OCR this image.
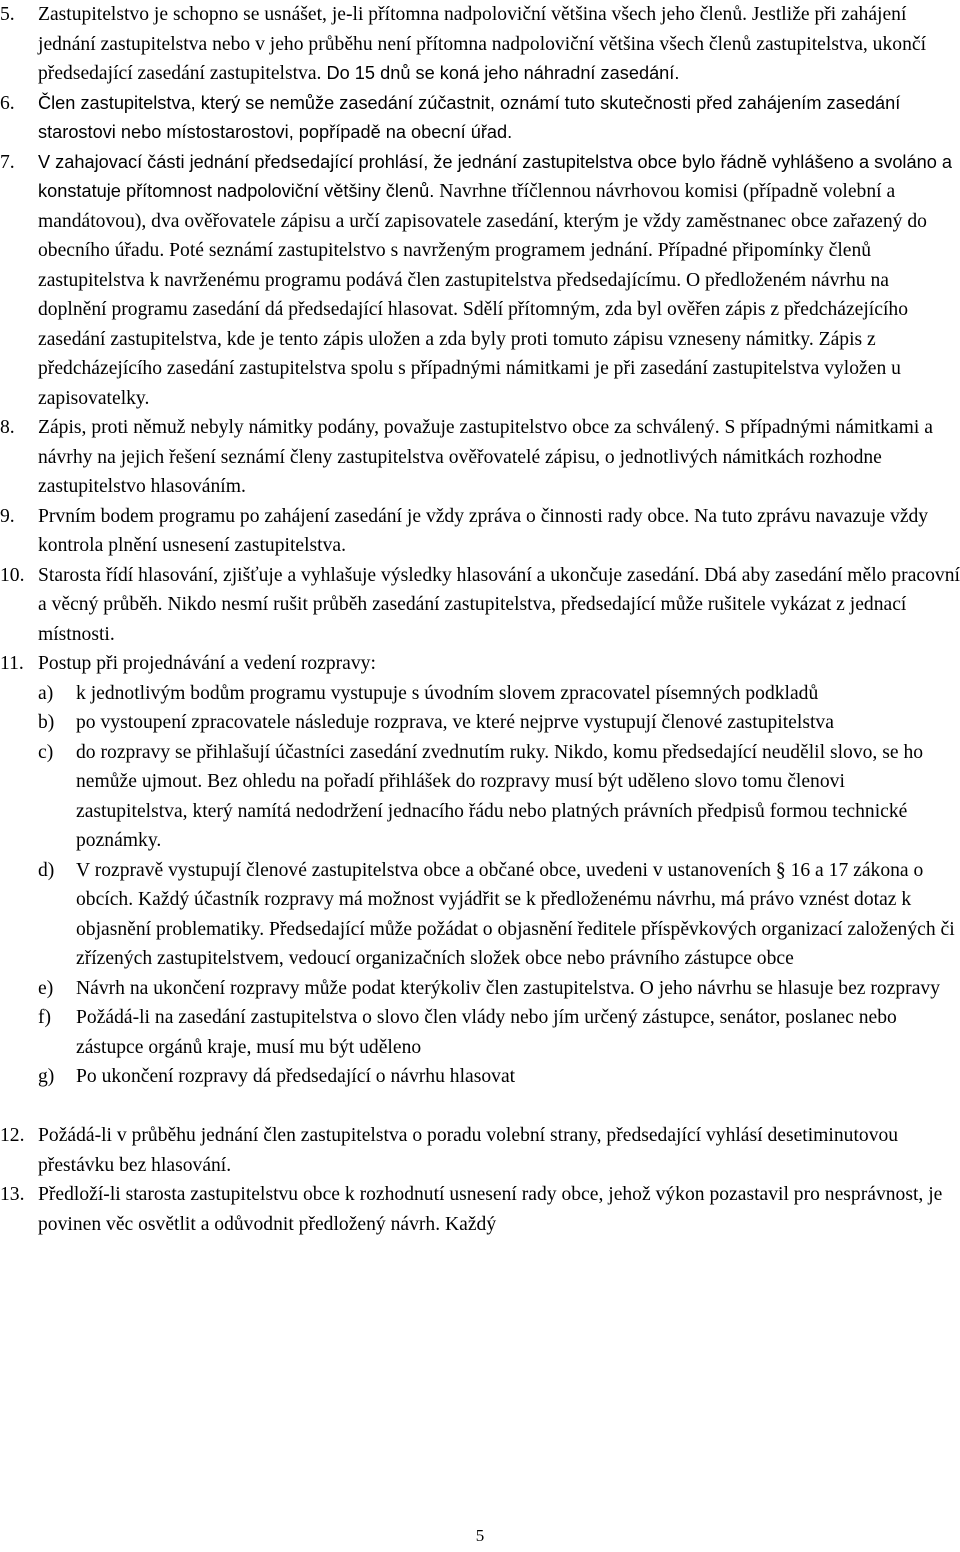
5. Zastupitelstvo je schopno se usnášet, je-li přítomna nadpoloviční většina všech jeho členů. Jestliže při zahájení jednání zastupitelstva nebo v jeho průběhu není přítomna nadpoloviční většina všech členů zastupitelstva, ukončí předsedající zasedání zastupitelstva. Do 15 dnů se koná jeho náhradní zasedání.
6. Člen zastupitelstva, který se nemůže zasedání zúčastnit, oznámí tuto skutečnosti před zahájením zasedání starostovi nebo místostarostovi, popřípadě na obecní úřad.
7. V zahajovací části jednání předsedající prohlásí, že jednání zastupitelstva obce bylo řádně vyhlášeno a svoláno a konstatuje přítomnost nadpoloviční většiny členů. Navrhne tříčlennou návrhovou komisi (případně volební a mandátovou), dva ověřovatele zápisu a určí zapisovatele zasedání, kterým je vždy zaměstnanec obce zařazený do obecního úřadu. Poté seznámí zastupitelstvo s navrženým programem jednání. Případné připomínky členů zastupitelstva k navrženému programu podává člen zastupitelstva předsedajícímu. O předloženém návrhu na doplnění programu zasedání dá předsedající hlasovat. Sdělí přítomným, zda byl ověřen zápis z předcházejícího zasedání zastupitelstva, kde je tento zápis uložen a zda byly proti tomuto zápisu vzneseny námitky. Zápis z předcházejícího zasedání zastupitelstva spolu s případnými námitkami je při zasedání zastupitelstva vyložen u zapisovatelky.
8. Zápis, proti němuž nebyly námitky podány, považuje zastupitelstvo obce za schválený. S případnými námitkami a návrhy na jejich řešení seznámí členy zastupitelstva ověřovatelé zápisu, o jednotlivých námitkách rozhodne zastupitelstvo hlasováním.
9. Prvním bodem programu po zahájení zasedání je vždy zpráva o činnosti rady obce. Na tuto zprávu navazuje vždy kontrola plnění usnesení zastupitelstva.
10. Starosta řídí hlasování, zjišťuje a vyhlašuje výsledky hlasování a ukončuje zasedání. Dbá aby zasedání mělo pracovní a věcný průběh. Nikdo nesmí rušit průběh zasedání zastupitelstva, předsedající může rušitele vykázat z jednací místnosti.
11. Postup při projednávání a vedení rozpravy:
a) k jednotlivým bodům programu vystupuje s úvodním slovem zpracovatel písemných podkladů
b) po vystoupení zpracovatele následuje rozprava, ve které nejprve vystupují členové zastupitelstva
c) do rozpravy se přihlašují účastníci zasedání zvednutím ruky. Nikdo, komu předsedající neudělil slovo, se ho nemůže ujmout. Bez ohledu na pořadí přihlášek do rozpravy musí být uděleno slovo tomu členovi zastupitelstva, který namítá nedodržení jednacího řádu nebo platných právních předpisů formou technické poznámky.
d) V rozpravě vystupují členové zastupitelstva obce a občané obce, uvedeni v ustanoveních § 16 a 17 zákona o obcích. Každý účastník rozpravy má možnost vyjádřit se k předloženému návrhu, má právo vznést dotaz k objasnění problematiky. Předsedající může požádat o objasnění ředitele příspěvkových organizací založených či zřízených zastupitelstvem, vedoucí organizačních složek obce nebo právního zástupce obce
e) Návrh na ukončení rozpravy může podat kterýkoliv člen zastupitelstva. O jeho návrhu se hlasuje bez rozpravy
f) Požádá-li na zasedání zastupitelstva o slovo člen vlády nebo jím určený zástupce, senátor, poslanec nebo zástupce orgánů kraje, musí mu být uděleno
g) Po ukončení rozpravy dá předsedající o návrhu hlasovat
12. Požádá-li v průběhu jednání člen zastupitelstva o poradu volební strany, předsedající vyhlásí desetiminutovou přestávku bez hlasování.
13. Předloží-li starosta zastupitelstvu obce k rozhodnutí usnesení rady obce, jehož výkon pozastavil pro nesprávnost, je povinen věc osvětlit a odůvodnit předložený návrh. Každý
5
